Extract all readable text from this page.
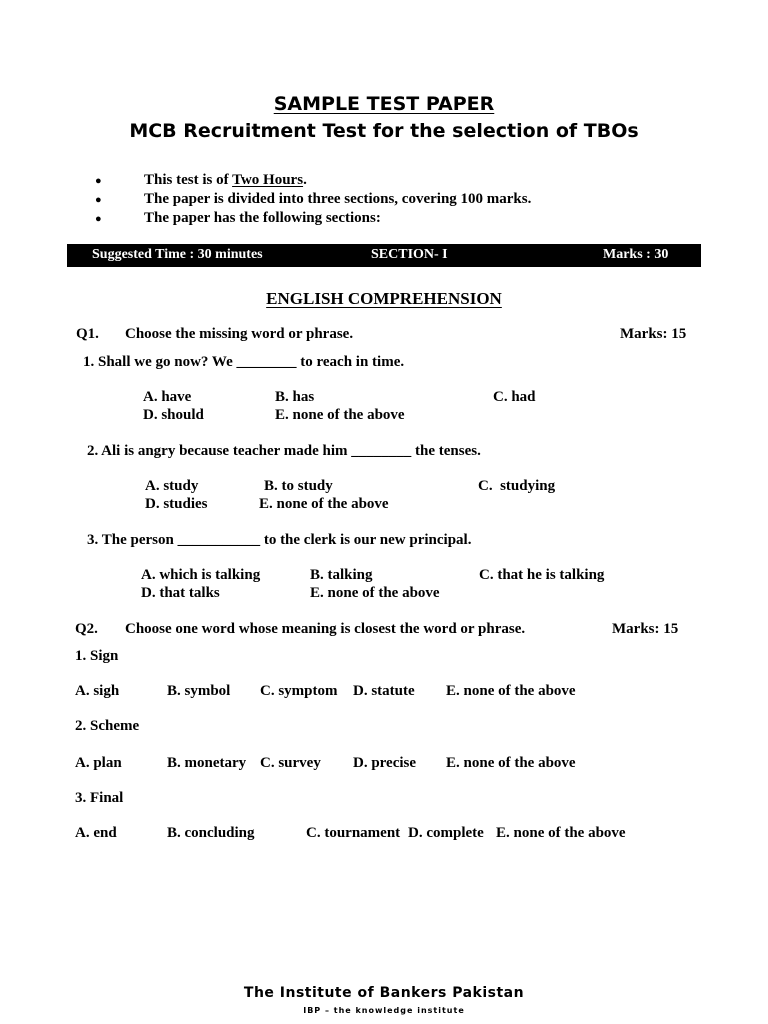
SAMPLE TEST PAPER
MCB Recruitment Test for the selection of TBOs
●	This test is of Two Hours.
●	The paper is divided into three sections, covering 100 marks.
●	The paper has the following sections:
Suggested Time : 30 minutes	SECTION- I	Marks : 30
ENGLISH COMPREHENSION
Q1. Choose the missing word or phrase.	Marks: 15
1. Shall we go now? We ________ to reach in time.
A. have	B. has	C. had
D. should	E. none of the above
2. Ali is angry because teacher made him ________ the tenses.
A. study	B. to study	C.  studying
D. studies	E. none of the above
3. The person ___________ to the clerk is our new principal.
A. which is talking	B. talking	C. that he is talking
D. that talks	E. none of the above
Q2. Choose one word whose meaning is closest the word or phrase.	Marks: 15
1. Sign
A. sigh	B. symbol C. symptom D. statute E. none of the above
2. Scheme
A. plan	B. monetary C. survey D. precise E. none of the above
3. Final
A. end	B. concluding	C. tournament D. complete E. none of the above
The Institute of Bankers Pakistan
IBP – the knowledge institute
